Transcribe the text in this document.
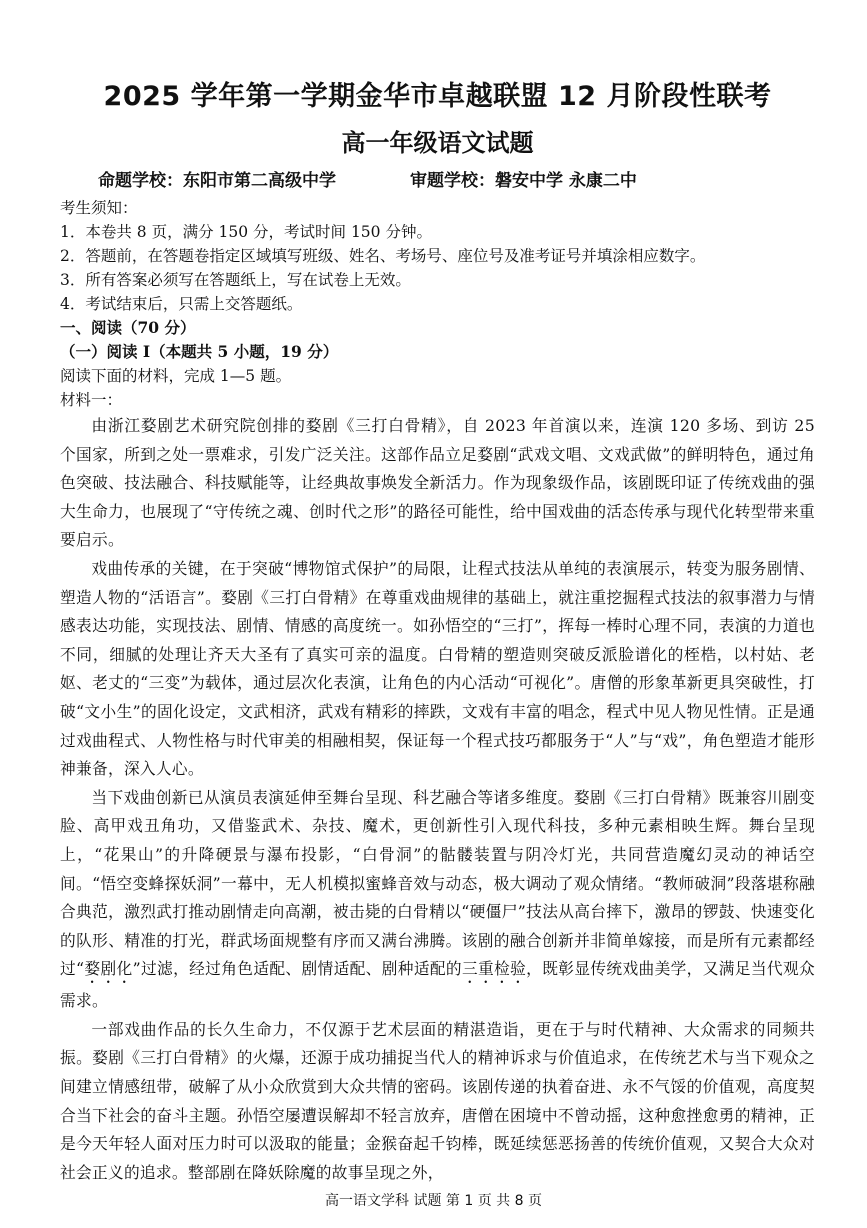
2025 学年第一学期金华市卓越联盟 12 月阶段性联考
高一年级语文试题
命题学校：东阳市第二高级中学	审题学校：磐安中学 永康二中
考生须知：
1．本卷共 8 页，满分 150 分，考试时间 150 分钟。
2．答题前，在答题卷指定区域填写班级、姓名、考场号、座位号及准考证号并填涂相应数字。
3．所有答案必须写在答题纸上，写在试卷上无效。
4．考试结束后，只需上交答题纸。
一、阅读（70 分）
（一）阅读 I（本题共 5 小题，19 分）
阅读下面的材料，完成 1—5 题。
材料一：

由浙江婺剧艺术研究院创排的婺剧《三打白骨精》，自 2023 年首演以来，连演 120 多场、到访 25 个国家，所到之处一票难求，引发广泛关注。这部作品立足婺剧“武戏文唱、文戏武做”的鲜明特色，通过角色突破、技法融合、科技赋能等，让经典故事焕发全新活力。作为现象级作品，该剧既印证了传统戏曲的强大生命力，也展现了“守传统之魂、创时代之形”的路径可能性，给中国戏曲的活态传承与现代化转型带来重要启示。

戏曲传承的关键，在于突破“博物馆式保护”的局限，让程式技法从单纯的表演展示，转变为服务剧情、塑造人物的“活语言”。婺剧《三打白骨精》在尊重戏曲规律的基础上，就注重挖掘程式技法的叙事潜力与情感表达功能，实现技法、剧情、情感的高度统一。如孙悟空的“三打”，挥每一棒时心理不同，表演的力道也不同，细腻的处理让齐天大圣有了真实可亲的温度。白骨精的塑造则突破反派脸谱化的桎梏，以村姑、老妪、老丈的“三变”为载体，通过层次化表演，让角色的内心活动“可视化”。唐僧的形象革新更具突破性，打破“文小生”的固化设定，文武相济，武戏有精彩的摔跌，文戏有丰富的唱念，程式中见人物见性情。正是通过戏曲程式、人物性格与时代审美的相融相契，保证每一个程式技巧都服务于“人”与“戏”，角色塑造才能形神兼备，深入人心。

当下戏曲创新已从演员表演延伸至舞台呈现、科艺融合等诸多维度。婺剧《三打白骨精》既兼容川剧变脸、高甲戏丑角功，又借鉴武术、杂技、魔术，更创新性引入现代科技，多种元素相映生辉。舞台呈现上，“花果山”的升降硬景与瀑布投影，“白骨洞”的骷髅装置与阴冷灯光，共同营造魔幻灵动的神话空间。“悟空变蜂探妖洞”一幕中，无人机模拟蜜蜂音效与动态，极大调动了观众情绪。“教师破洞”段落堪称融合典范，激烈武打推动剧情走向高潮，被击毙的白骨精以“硬僵尸”技法从高台摔下，激昂的锣鼓、快速变化的队形、精准的打光，群武场面规整有序而又满台沸腾。该剧的融合创新并非简单嫁接，而是所有元素都经过“婺剧化”过滤，经过角色适配、剧情适配、剧种适配的三重检验，既彰显传统戏曲美学，又满足当代观众需求。

一部戏曲作品的长久生命力，不仅源于艺术层面的精湛造诣，更在于与时代精神、大众需求的同频共振。婺剧《三打白骨精》的火爆，还源于成功捕捉当代人的精神诉求与价值追求，在传统艺术与当下观众之间建立情感纽带，破解了从小众欣赏到大众共情的密码。该剧传递的执着奋进、永不气馁的价值观，高度契合当下社会的奋斗主题。孙悟空屡遭误解却不轻言放弃，唐僧在困境中不曾动摇，这种愈挫愈勇的精神，正是今天年轻人面对压力时可以汲取的能量；金猴奋起千钧棒，既延续惩恶扬善的传统价值观，又契合大众对社会正义的追求。整部剧在降妖除魔的故事呈现之外，

高一语文学科 试题 第 1 页 共 8 页
